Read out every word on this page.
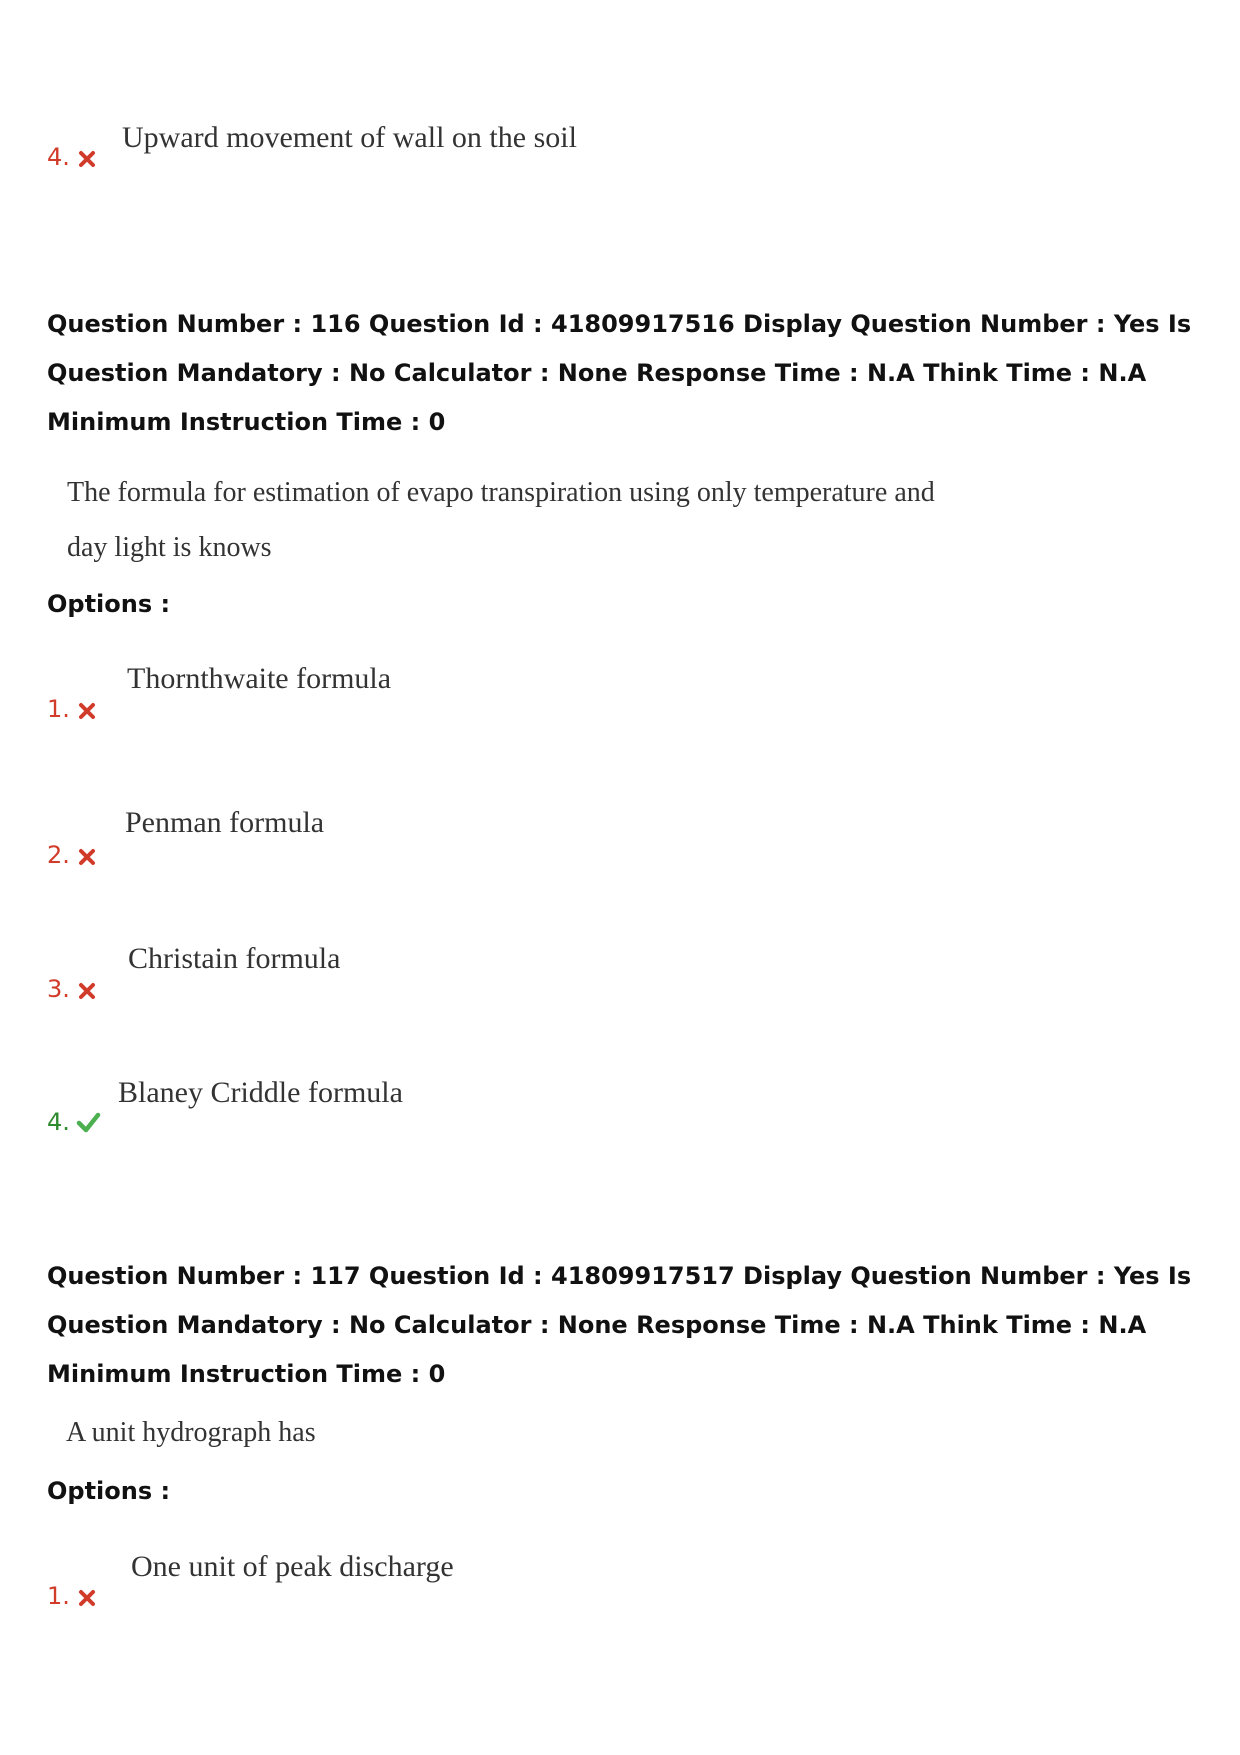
4.
Upward movement of wall on the soil

Question Number : 116 Question Id : 41809917516 Display Question Number : Yes Is Question Mandatory : No Calculator : None Response Time : N.A Think Time : N.A Minimum Instruction Time : 0

The formula for estimation of evapo transpiration using only temperature and

day light is knows

Options :

1.
Thornthwaite formula
2.
Penman formula
3.
Christain formula
4.
Blaney Criddle formula

Question Number : 117 Question Id : 41809917517 Display Question Number : Yes Is Question Mandatory : No Calculator : None Response Time : N.A Think Time : N.A Minimum Instruction Time : 0

A unit hydrograph has

Options :

1.
One unit of peak discharge
